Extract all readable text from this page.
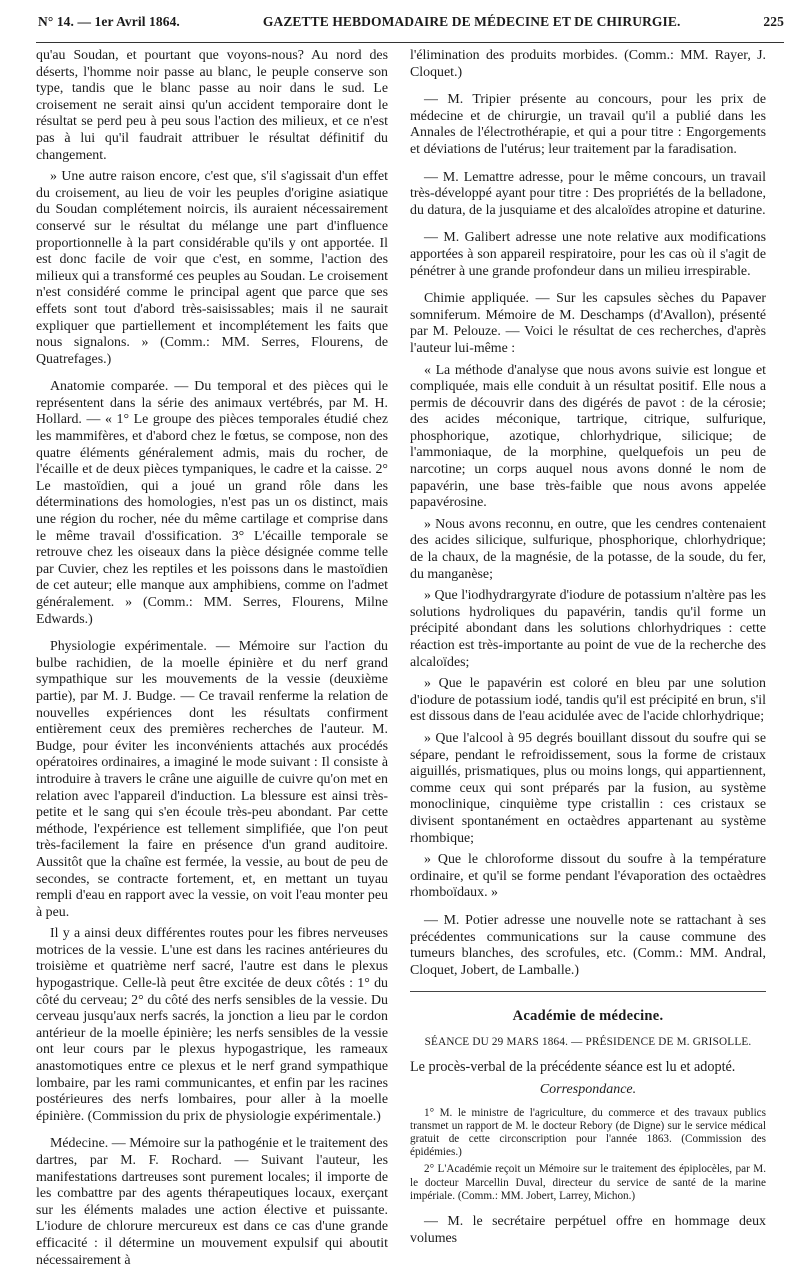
N° 14. — 1er Avril 1864.	GAZETTE HEBDOMADAIRE DE MÉDECINE ET DE CHIRURGIE.	225

qu'au Soudan, et pourtant que voyons-nous? Au nord des déserts, l'homme noir passe au blanc, le peuple conserve son type, tandis que le blanc passe au noir dans le sud. Le croisement ne serait ainsi qu'un accident temporaire dont le résultat se perd peu à peu sous l'action des milieux, et ce n'est pas à lui qu'il faudrait attribuer le résultat définitif du changement.

» Une autre raison encore, c'est que, s'il s'agissait d'un effet du croisement, au lieu de voir les peuples d'origine asiatique du Soudan complétement noircis, ils auraient nécessairement conservé sur le résultat du mélange une part d'influence proportionnelle à la part considérable qu'ils y ont apportée. Il est donc facile de voir que c'est, en somme, l'action des milieux qui a transformé ces peuples au Soudan. Le croisement n'est considéré comme le principal agent que parce que ses effets sont tout d'abord très-saisissables; mais il ne saurait expliquer que partiellement et incomplétement les faits que nous signalons. » (Comm.: MM. Serres, Flourens, de Quatrefages.)

Anatomie comparée. — Du temporal et des pièces qui le représentent dans la série des animaux vertébrés, par M. H. Hollard. — « 1° Le groupe des pièces temporales étudié chez les mammifères, et d'abord chez le fœtus, se compose, non des quatre éléments généralement admis, mais du rocher, de l'écaille et de deux pièces tympaniques, le cadre et la caisse. 2° Le mastoïdien, qui a joué un grand rôle dans les déterminations des homologies, n'est pas un os distinct, mais une région du rocher, née du même cartilage et comprise dans le même travail d'ossification. 3° L'écaille temporale se retrouve chez les oiseaux dans la pièce désignée comme telle par Cuvier, chez les reptiles et les poissons dans le mastoïdien de cet auteur; elle manque aux amphibiens, comme on l'admet généralement. » (Comm.: MM. Serres, Flourens, Milne Edwards.)

Physiologie expérimentale. — Mémoire sur l'action du bulbe rachidien, de la moelle épinière et du nerf grand sympathique sur les mouvements de la vessie (deuxième partie), par M. J. Budge. — Ce travail renferme la relation de nouvelles expériences dont les résultats confirment entièrement ceux des premières recherches de l'auteur. M. Budge, pour éviter les inconvénients attachés aux procédés opératoires ordinaires, a imaginé le mode suivant : Il consiste à introduire à travers le crâne une aiguille de cuivre qu'on met en relation avec l'appareil d'induction. La blessure est ainsi très-petite et le sang qui s'en écoule très-peu abondant. Par cette méthode, l'expérience est tellement simplifiée, que l'on peut très-facilement la faire en présence d'un grand auditoire. Aussitôt que la chaîne est fermée, la vessie, au bout de peu de secondes, se contracte fortement, et, en mettant un tuyau rempli d'eau en rapport avec la vessie, on voit l'eau monter peu à peu.

Il y a ainsi deux différentes routes pour les fibres nerveuses motrices de la vessie. L'une est dans les racines antérieures du troisième et quatrième nerf sacré, l'autre est dans le plexus hypogastrique. Celle-là peut être excitée de deux côtés : 1° du côté du cerveau; 2° du côté des nerfs sensibles de la vessie. Du cerveau jusqu'aux nerfs sacrés, la jonction a lieu par le cordon antérieur de la moelle épinière; les nerfs sensibles de la vessie ont leur cours par le plexus hypogastrique, les rameaux anastomotiques entre ce plexus et le nerf grand sympathique lombaire, par les rami communicantes, et enfin par les racines postérieures des nerfs lombaires, pour aller à la moelle épinière. (Commission du prix de physiologie expérimentale.)

Médecine. — Mémoire sur la pathogénie et le traitement des dartres, par M. F. Rochard. — Suivant l'auteur, les manifestations dartreuses sont purement locales; il importe de les combattre par des agents thérapeutiques locaux, exerçant sur les éléments malades une action élective et puissante. L'iodure de chlorure mercureux est dans ce cas d'une grande efficacité : il détermine un mouvement expulsif qui aboutit nécessairement à

l'élimination des produits morbides. (Comm.: MM. Rayer, J. Cloquet.)

— M. Tripier présente au concours, pour les prix de médecine et de chirurgie, un travail qu'il a publié dans les Annales de l'électrothérapie, et qui a pour titre : Engorgements et déviations de l'utérus; leur traitement par la faradisation.

— M. Lemattre adresse, pour le même concours, un travail très-développé ayant pour titre : Des propriétés de la belladone, du datura, de la jusquiame et des alcaloïdes atropine et daturine.

— M. Galibert adresse une note relative aux modifications apportées à son appareil respiratoire, pour les cas où il s'agit de pénétrer à une grande profondeur dans un milieu irrespirable.

Chimie appliquée. — Sur les capsules sèches du Papaver somniferum. Mémoire de M. Deschamps (d'Avallon), présenté par M. Pelouze. — Voici le résultat de ces recherches, d'après l'auteur lui-même :

« La méthode d'analyse que nous avons suivie est longue et compliquée, mais elle conduit à un résultat positif. Elle nous a permis de découvrir dans des digérés de pavot : de la cérosie; des acides méconique, tartrique, citrique, sulfurique, phosphorique, azotique, chlorhydrique, silicique; de l'ammoniaque, de la morphine, quelquefois un peu de narcotine; un corps auquel nous avons donné le nom de papavérin, une base très-faible que nous avons appelée papavérosine.

» Nous avons reconnu, en outre, que les cendres contenaient des acides silicique, sulfurique, phosphorique, chlorhydrique; de la chaux, de la magnésie, de la potasse, de la soude, du fer, du manganèse;

» Que l'iodhydrargyrate d'iodure de potassium n'altère pas les solutions hydroliques du papavérin, tandis qu'il forme un précipité abondant dans les solutions chlorhydriques : cette réaction est très-importante au point de vue de la recherche des alcaloïdes;

» Que le papavérin est coloré en bleu par une solution d'iodure de potassium iodé, tandis qu'il est précipité en brun, s'il est dissous dans de l'eau acidulée avec de l'acide chlorhydrique;

» Que l'alcool à 95 degrés bouillant dissout du soufre qui se sépare, pendant le refroidissement, sous la forme de cristaux aiguillés, prismatiques, plus ou moins longs, qui appartiennent, comme ceux qui sont préparés par la fusion, au système monoclinique, cinquième type cristallin : ces cristaux se divisent spontanément en octaèdres appartenant au système rhombique;

» Que le chloroforme dissout du soufre à la température ordinaire, et qu'il se forme pendant l'évaporation des octaèdres rhomboïdaux. »

— M. Potier adresse une nouvelle note se rattachant à ses précédentes communications sur la cause commune des tumeurs blanches, des scrofules, etc. (Comm.: MM. Andral, Cloquet, Jobert, de Lamballe.)

Académie de médecine.
SÉANCE DU 29 MARS 1864. — PRÉSIDENCE DE M. GRISOLLE.

Le procès-verbal de la précédente séance est lu et adopté.

Correspondance.

1° M. le ministre de l'agriculture, du commerce et des travaux publics transmet un rapport de M. le docteur Rebory (de Digne) sur le service médical gratuit de cette circonscription pour l'année 1863. (Commission des épidémies.)

2° L'Académie reçoit un Mémoire sur le traitement des épiplocèles, par M. le docteur Marcellin Duval, directeur du service de santé de la marine impériale. (Comm.: MM. Jobert, Larrey, Michon.)

— M. le secrétaire perpétuel offre en hommage deux volumes
